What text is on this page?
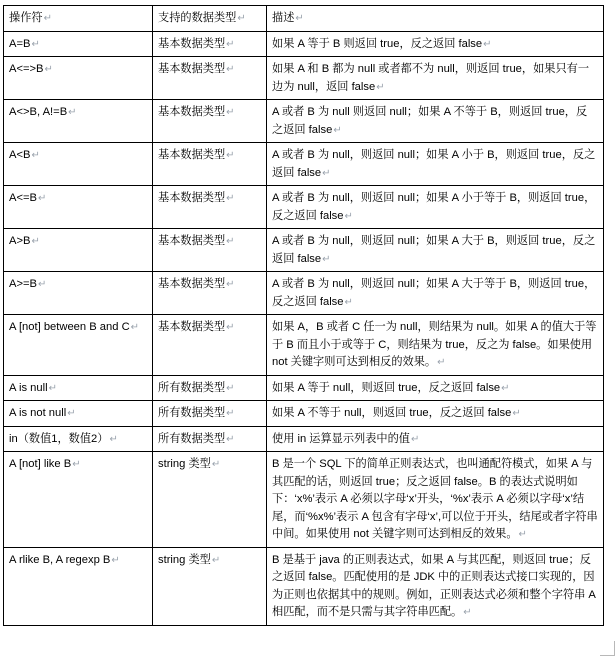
操作符↵	支持的数据类型↵	描述↵
A=B↵	基本数据类型↵	如果 A 等于 B 则返回 true，反之返回 false↵
A<=>B↵	基本数据类型↵	如果 A 和 B 都为 null 或者都不为 null，则返回 true，如果只有一边为 null，返回 false↵
A<>B, A!=B↵	基本数据类型↵	A 或者 B 为 null 则返回 null；如果 A 不等于 B，则返回 true，反之返回 false↵
A<B↵	基本数据类型↵	A 或者 B 为 null，则返回 null；如果 A 小于 B，则返回 true，反之返回 false↵
A<=B↵	基本数据类型↵	A 或者 B 为 null，则返回 null；如果 A 小于等于 B，则返回 true，反之返回 false↵
A>B↵	基本数据类型↵	A 或者 B 为 null，则返回 null；如果 A 大于 B，则返回 true，反之返回 false↵
A>=B↵	基本数据类型↵	A 或者 B 为 null，则返回 null；如果 A 大于等于 B，则返回 true，反之返回 false↵
A [not] between B and C↵	基本数据类型↵	如果 A，B 或者 C 任一为 null，则结果为 null。如果 A 的值大于等于 B 而且小于或等于 C，则结果为 true，反之为 false。如果使用 not 关键字则可达到相反的效果。↵
A is null↵	所有数据类型↵	如果 A 等于 null，则返回 true，反之返回 false↵
A is not null↵	所有数据类型↵	如果 A 不等于 null，则返回 true，反之返回 false↵
in（数值1，数值2）↵	所有数据类型↵	使用 in 运算显示列表中的值↵
A [not] like B↵	string 类型↵	B 是一个 SQL 下的简单正则表达式，也叫通配符模式，如果 A 与其匹配的话，则返回 true；反之返回 false。B 的表达式说明如下：‘x%’表示 A 必须以字母‘x’开头，‘%x’表示 A 必须以字母‘x’结尾，而‘%x%’表示 A 包含有字母‘x’,可以位于开头，结尾或者字符串中间。如果使用 not 关键字则可达到相反的效果。↵
A rlike B, A regexp B↵	string 类型↵	B 是基于 java 的正则表达式，如果 A 与其匹配，则返回 true；反之返回 false。匹配使用的是 JDK 中的正则表达式接口实现的，因为正则也依据其中的规则。例如，正则表达式必须和整个字符串 A 相匹配，而不是只需与其字符串匹配。↵
